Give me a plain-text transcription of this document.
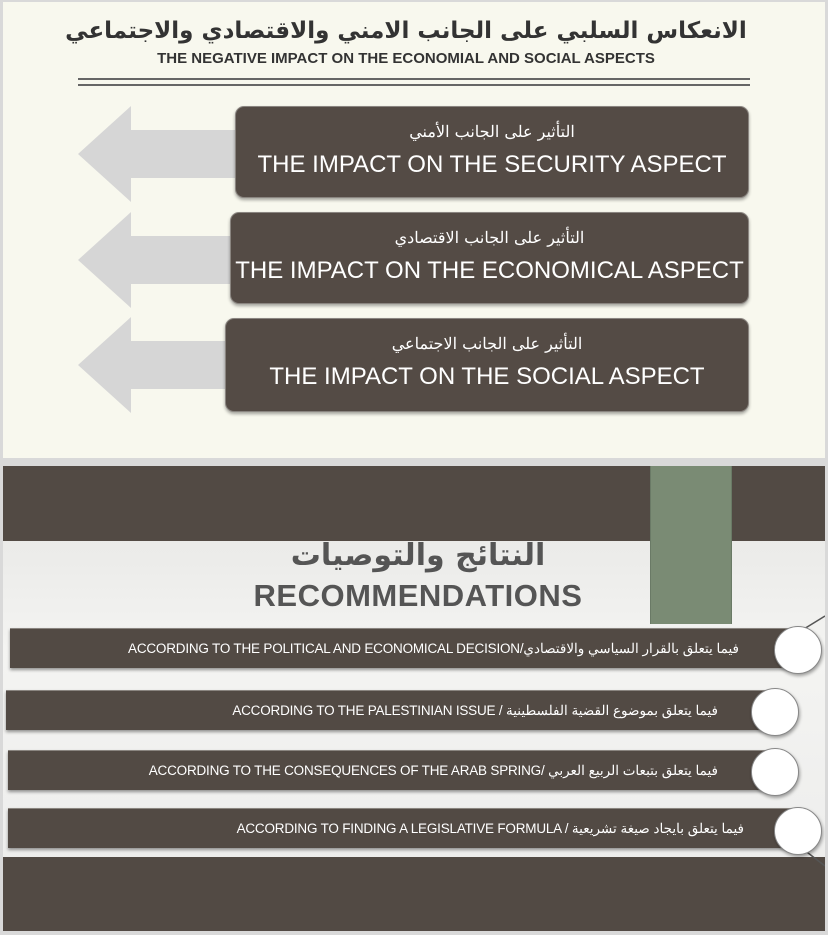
الانعكاس السلبي على الجانب الامني والاقتصادي والاجتماعي
THE NEGATIVE IMPACT ON THE ECONOMIAL AND SOCIAL ASPECTS
التأثير على الجانب الأمني
THE IMPACT ON THE SECURITY ASPECT
التأثير على الجانب الاقتصادي
THE IMPACT ON THE ECONOMICAL ASPECT
التأثير على الجانب الاجتماعي
THE IMPACT ON THE SOCIAL ASPECT
النتائج والتوصيات
RECOMMENDATIONS
ACCORDING TO THE POLITICAL AND ECONOMICAL DECISION/فيما يتعلق بالقرار السياسي والاقتصادي
ACCORDING TO THE PALESTINIAN ISSUE / فيما يتعلق بموضوع القضية الفلسطينية
ACCORDING TO THE CONSEQUENCES OF THE ARAB SPRING/ فيما يتعلق بتبعات الربيع العربي
ACCORDING TO FINDING A LEGISLATIVE FORMULA / فيما يتعلق بايجاد صيغة تشريعية
